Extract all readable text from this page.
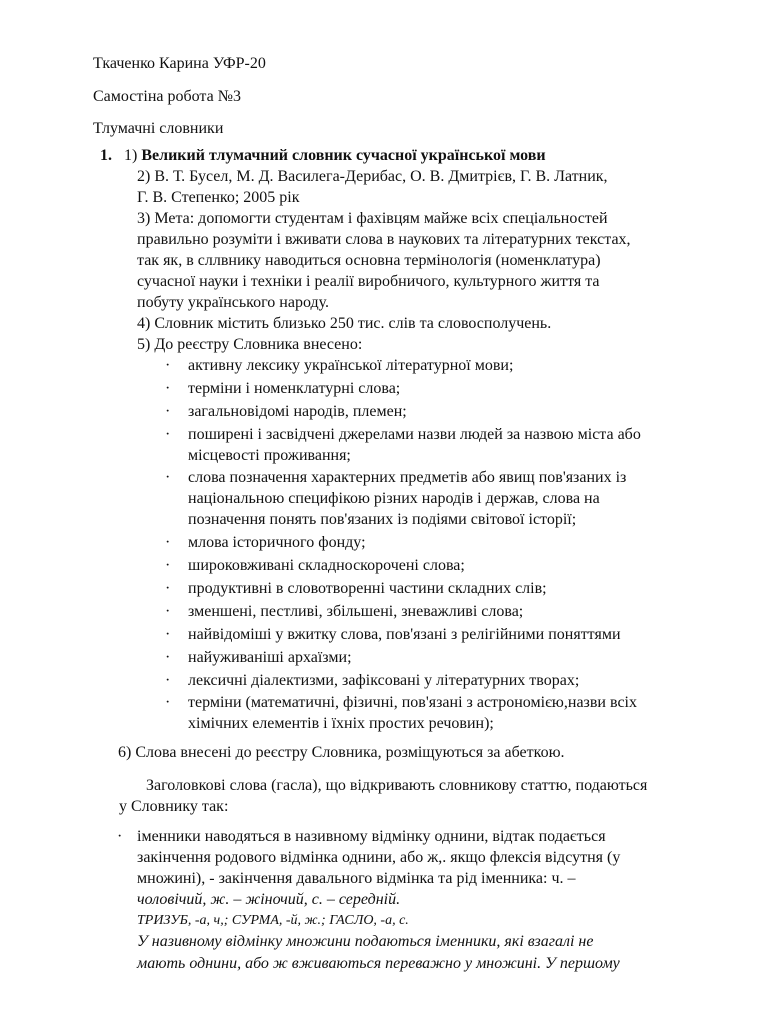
Ткаченко Карина УФР-20
Самостіна робота №3
Тлумачні словники
1. 1) Великий тлумачний словник сучасної української мови
2) В. Т. Бусел, М. Д. Василега-Дерибас, О. В. Дмитрієв, Г. В. Латник,
Г. В. Степенко; 2005 рік
3) Мета: допомогти студентам і фахівцям майже всіх спеціальностей
правильно розуміти і вживати слова в наукових та літературних текстах,
так як, в сллвнику наводиться основна термінологія (номенклатура)
сучасної науки і техніки і реалії виробничого, культурного життя та
побуту українського народу.
4) Словник містить близько 250 тис. слів та словосполучень.
5) До реєстру Словника внесено:
· активну лексику української літературної мови;
· терміни і номенклатурні слова;
· загальновідомі народів, племен;
· поширені і засвідчені джерелами назви людей за назвою міста або
місцевості проживання;
· слова позначення характерних предметів або явищ пов'язаних із
національною специфікою різних народів і держав, слова на
позначення понять пов'язаних із подіями світової історії;
· млова історичного фонду;
· широковживані складноскорочені слова;
· продуктивні в словотворенні частини складних слів;
· зменшені, пестливі, збільшені, зневажливі слова;
· найвідоміші у вжитку слова, пов'язані з релігійними поняттями
· найуживаніші архаїзми;
· лексичні діалектизми, зафіксовані у літературних творах;
· терміни (математичні, фізичні, пов'язані з астрономією,назви всіх
хімічних елементів і їхніх простих речовин);
6) Слова внесені до реєстру Словника, розміщуються за абеткою.
Заголовкові слова (гасла), що відкривають словникову статтю, подаються
у Словнику так:
· іменники наводяться в називному відмінку однини, відтак подається
закінчення родового відмінка однини, або ж,. якщо флексія відсутня (у
множині), - закінчення давального відмінка та рід іменника: ч. –
чоловічий, ж. – жіночий, с. – середній.
ТРИЗУБ, -а, ч,; СУРМА, -й, ж.; ГАСЛО, -а, с.
У називному відмінку множини подаються іменники, які взагалі не
мають однини, або ж вживаються переважно у множині. У першому
